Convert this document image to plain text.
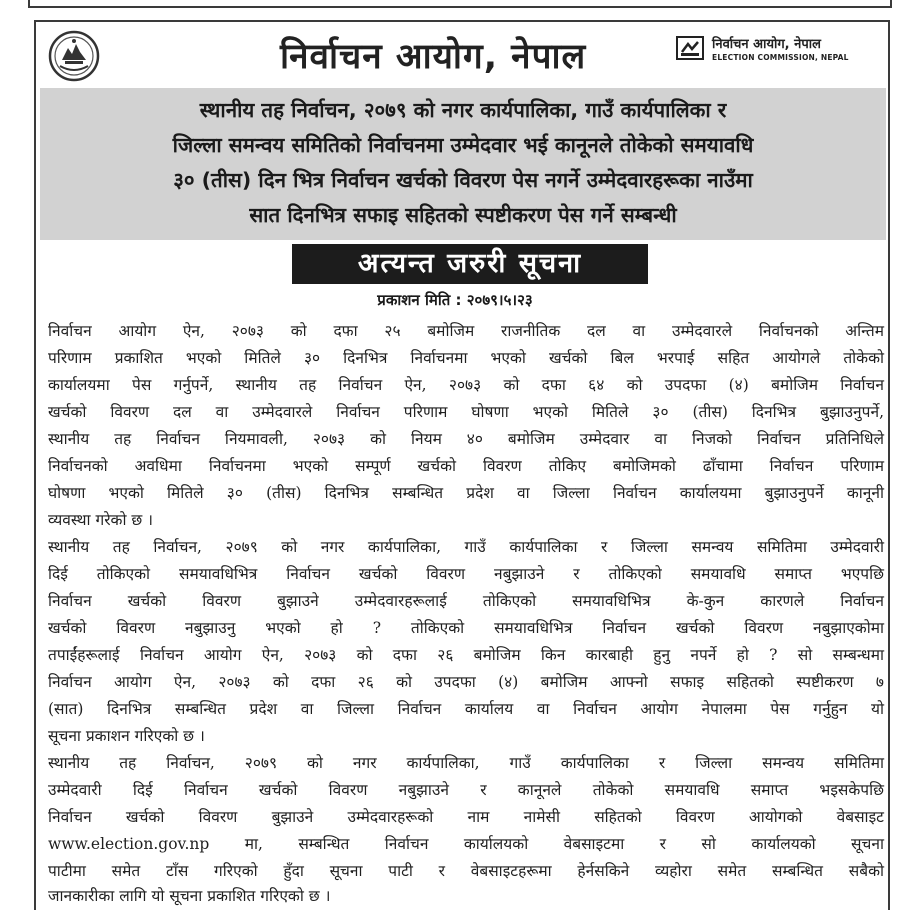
निर्वाचन आयोग, नेपाल	निर्वाचन आयोग, नेपाल
ELECTION COMMISSION, NEPAL
स्थानीय तह निर्वाचन, २०७९ को नगर कार्यपालिका, गाउँ कार्यपालिका र
जिल्ला समन्वय समितिको निर्वाचनमा उम्मेदवार भई कानूनले तोकेको समयावधि
३० (तीस) दिन भित्र निर्वाचन खर्चको विवरण पेस नगर्ने उम्मेदवारहरूका नाउँमा
सात दिनभित्र सफाइ सहितको स्पष्टीकरण पेस गर्ने सम्बन्धी
अत्यन्त जरुरी सूचना
प्रकाशन मिति : २०७९।५।२३
निर्वाचन आयोग ऐन, २०७३ को दफा २५ बमोजिम राजनीतिक दल वा उम्मेदवारले निर्वाचनको अन्तिम
परिणाम प्रकाशित भएको मितिले ३० दिनभित्र निर्वाचनमा भएको खर्चको बिल भरपाई सहित आयोगले तोकेको
कार्यालयमा पेस गर्नुपर्ने, स्थानीय तह निर्वाचन ऐन, २०७३ को दफा ६४ को उपदफा (४) बमोजिम निर्वाचन
खर्चको विवरण दल वा उम्मेदवारले निर्वाचन परिणाम घोषणा भएको मितिले ३० (तीस) दिनभित्र बुझाउनुपर्ने,
स्थानीय तह निर्वाचन नियमावली, २०७३ को नियम ४० बमोजिम उम्मेदवार वा निजको निर्वाचन प्रतिनिधिले
निर्वाचनको अवधिमा निर्वाचनमा भएको सम्पूर्ण खर्चको विवरण तोकिए बमोजिमको ढाँचामा निर्वाचन परिणाम
घोषणा भएको मितिले ३० (तीस) दिनभित्र सम्बन्धित प्रदेश वा जिल्ला निर्वाचन कार्यालयमा बुझाउनुपर्ने कानूनी
व्यवस्था गरेको छ ।
स्थानीय तह निर्वाचन, २०७९ को नगर कार्यपालिका, गाउँ कार्यपालिका र जिल्ला समन्वय समितिमा उम्मेदवारी
दिई तोकिएको समयावधिभित्र निर्वाचन खर्चको विवरण नबुझाउने र तोकिएको समयावधि समाप्त भएपछि
निर्वाचन खर्चको विवरण बुझाउने उम्मेदवारहरूलाई तोकिएको समयावधिभित्र के-कुन कारणले निर्वाचन
खर्चको विवरण नबुझाउनु भएको हो ? तोकिएको समयावधिभित्र निर्वाचन खर्चको विवरण नबुझाएकोमा
तपाईंहरूलाई निर्वाचन आयोग ऐन, २०७३ को दफा २६ बमोजिम किन कारबाही हुनु नपर्ने हो ? सो सम्बन्धमा
निर्वाचन आयोग ऐन, २०७३ को दफा २६ को उपदफा (४) बमोजिम आफ्नो सफाइ सहितको स्पष्टीकरण ७
(सात) दिनभित्र सम्बन्धित प्रदेश वा जिल्ला निर्वाचन कार्यालय वा निर्वाचन आयोग नेपालमा पेस गर्नुहुन यो
सूचना प्रकाशन गरिएको छ ।
स्थानीय तह निर्वाचन, २०७९ को नगर कार्यपालिका, गाउँ कार्यपालिका र जिल्ला समन्वय समितिमा
उम्मेदवारी दिई निर्वाचन खर्चको विवरण नबुझाउने र कानूनले तोकेको समयावधि समाप्त भइसकेपछि
निर्वाचन खर्चको विवरण बुझाउने उम्मेदवारहरूको नाम नामेसी सहितको विवरण आयोगको वेबसाइट
www.election.gov.np मा, सम्बन्धित निर्वाचन कार्यालयको वेबसाइटमा र सो कार्यालयको सूचना
पाटीमा समेत टाँस गरिएको हुँदा सूचना पाटी र वेबसाइटहरूमा हेर्नसकिने व्यहोरा समेत सम्बन्धित सबैको
जानकारीका लागि यो सूचना प्रकाशित गरिएको छ ।
